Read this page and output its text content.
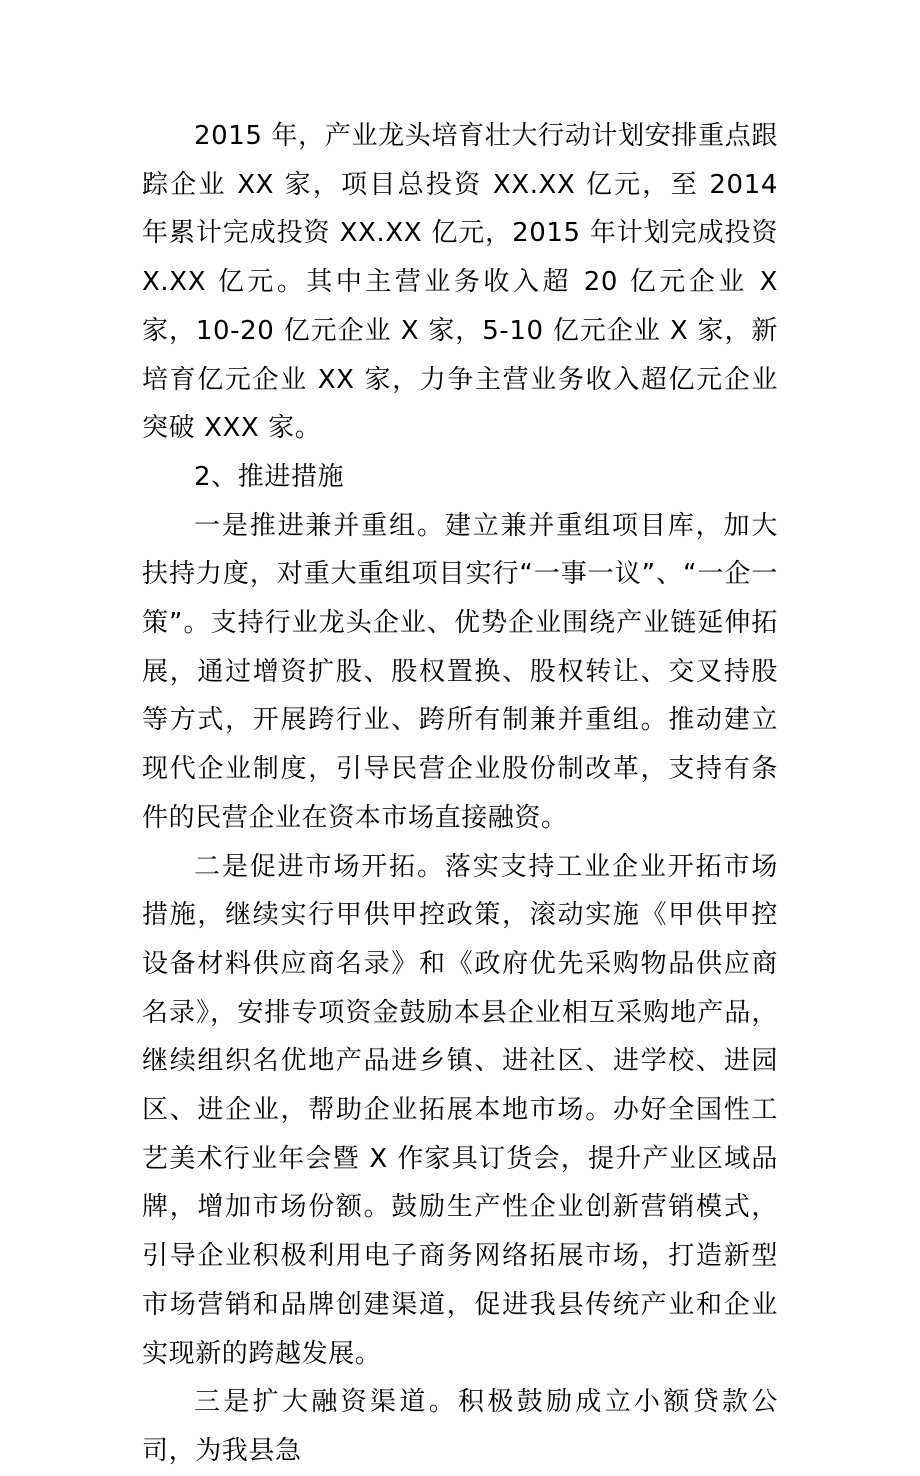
2015 年，产业龙头培育壮大行动计划安排重点跟踪企业 XX 家，项目总投资 XX.XX 亿元，至 2014 年累计完成投资 XX.XX 亿元，2015 年计划完成投资 X.XX 亿元。其中主营业务收入超 20 亿元企业 X 家，10-20 亿元企业 X 家，5-10 亿元企业 X 家，新培育亿元企业 XX 家，力争主营业务收入超亿元企业突破 XXX 家。

2、推进措施

一是推进兼并重组。建立兼并重组项目库，加大扶持力度，对重大重组项目实行“一事一议”、“一企一策”。支持行业龙头企业、优势企业围绕产业链延伸拓展，通过增资扩股、股权置换、股权转让、交叉持股等方式，开展跨行业、跨所有制兼并重组。推动建立现代企业制度，引导民营企业股份制改革，支持有条件的民营企业在资本市场直接融资。

二是促进市场开拓。落实支持工业企业开拓市场措施，继续实行甲供甲控政策，滚动实施《甲供甲控设备材料供应商名录》和《政府优先采购物品供应商名录》，安排专项资金鼓励本县企业相互采购地产品，继续组织名优地产品进乡镇、进社区、进学校、进园区、进企业，帮助企业拓展本地市场。办好全国性工艺美术行业年会暨 X 作家具订货会，提升产业区域品牌，增加市场份额。鼓励生产性企业创新营销模式，引导企业积极利用电子商务网络拓展市场，打造新型市场营销和品牌创建渠道，促进我县传统产业和企业实现新的跨越发展。

三是扩大融资渠道。积极鼓励成立小额贷款公司，为我县急
